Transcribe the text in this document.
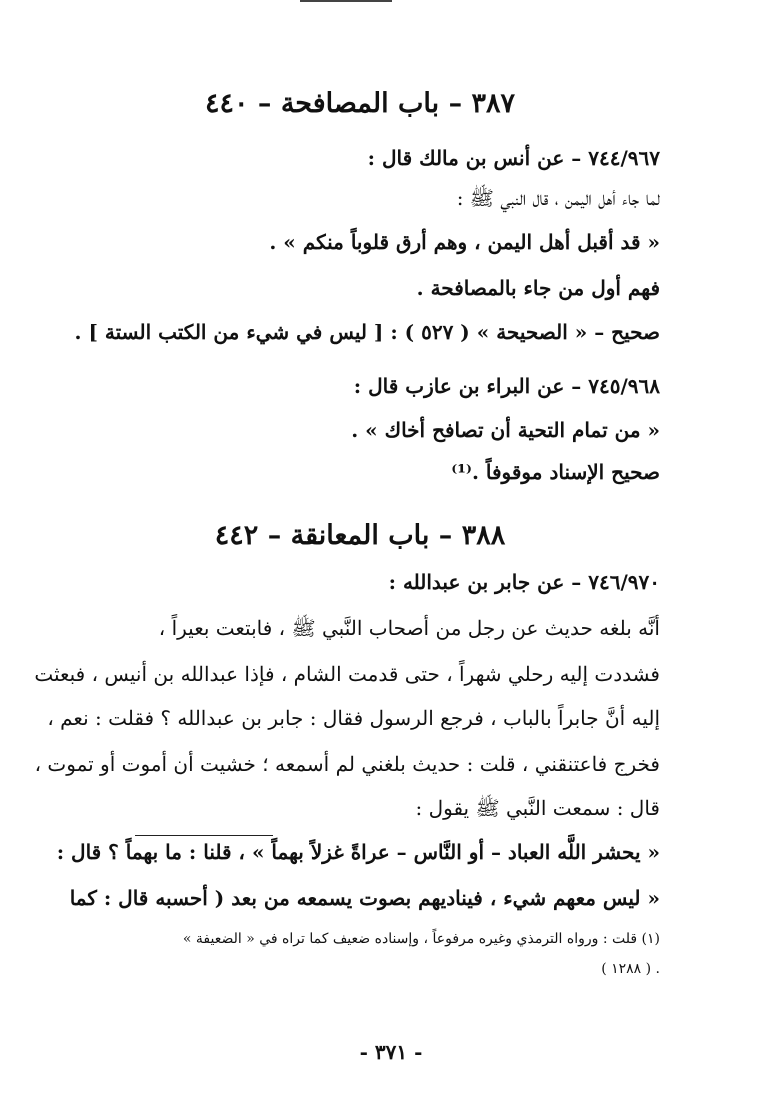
٣٨٧ – باب المصافحة – ٤٤٠
٧٤٤/٩٦٧ – عن أنس بن مالك قال :
لما جاء أهل اليمن ، قال النبي ﷺ :
« قد أقبل أهل اليمن ، وهم أرق قلوباً منكم » .
فهم أول من جاء بالمصافحة .
صحيح – « الصحيحة » ( ٥٢٧ ) : [ ليس في شيء من الكتب الستة ] .
٧٤٥/٩٦٨ – عن البراء بن عازب قال :
« من تمام التحية أن تصافح أخاك » .
صحيح الإسناد موقوفاً .⁽¹⁾
٣٨٨ – باب المعانقة – ٤٤٢
٧٤٦/٩٧٠ – عن جابر بن عبدالله :
أنَّه بلغه حديث عن رجل من أصحاب النَّبي ﷺ ، فابتعت بعيراً ،
فشددت إليه رحلي شهراً ، حتى قدمت الشام ، فإذا عبدالله بن أنيس ، فبعثت
إليه أنَّ جابراً بالباب ، فرجع الرسول فقال : جابر بن عبدالله ؟ فقلت : نعم ،
فخرج فاعتنقني ، قلت : حديث بلغني لم أسمعه ؛ خشيت أن أموت أو تموت ،
قال : سمعت النَّبي ﷺ يقول :
« يحشر اللَّه العباد – أو النَّاس – عراةً غزلاً بهماً » ، قلنا : ما بهماً ؟ قال :
« ليس معهم شيء ، فيناديهم بصوت يسمعه من بعد ( أحسبه قال : كما
(١) قلت : ورواه الترمذي وغيره مرفوعاً ، وإسناده ضعيف كما تراه في « الضعيفة »
( ١٢٨٨ ) .
- ٣٧١ -
